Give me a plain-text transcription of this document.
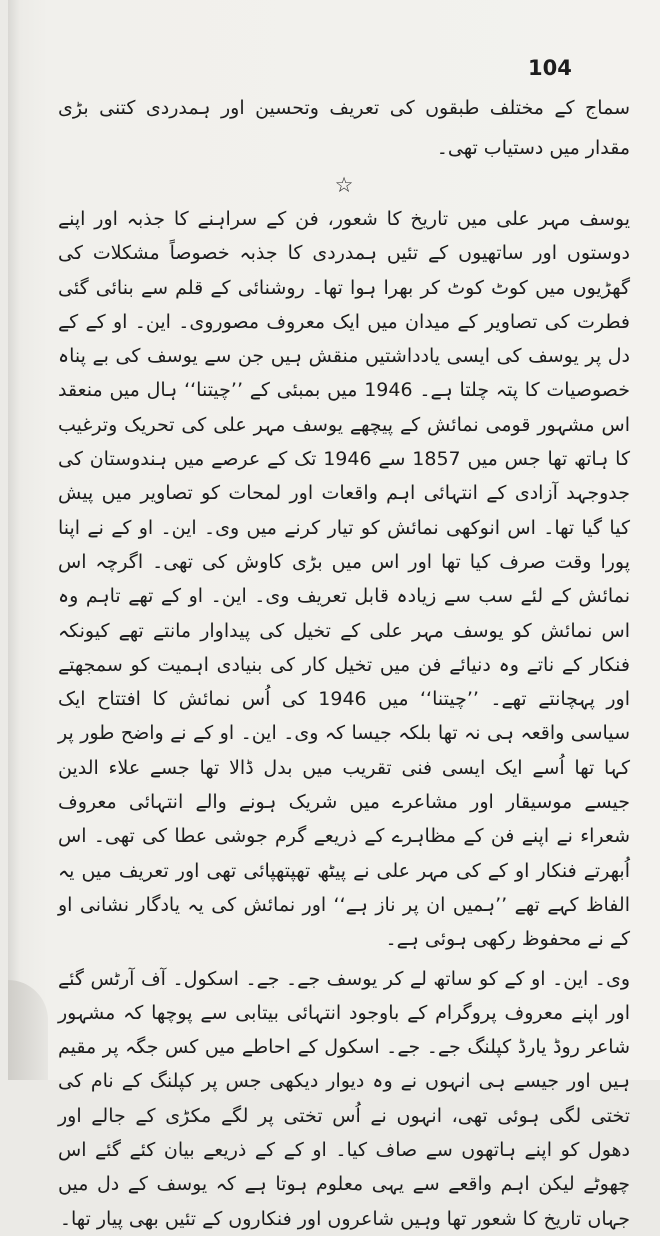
104

سماج کے مختلف طبقوں کی تعریف وتحسین اور ہمدردی کتنی بڑی مقدار میں دستیاب تھی۔

☆

یوسف مہر علی میں تاریخ کا شعور، فن کے سراہنے کا جذبہ اور اپنے دوستوں اور ساتھیوں کے تئیں ہمدردی کا جذبہ خصوصاً مشکلات کی گھڑیوں میں کوٹ کوٹ کر بھرا ہوا تھا۔ روشنائی کے قلم سے بنائی گئی فطرت کی تصاویر کے میدان میں ایک معروف مصوروی۔ این۔ او کے کے دل پر یوسف کی ایسی یادداشتیں منقش ہیں جن سے یوسف کی بے پناہ خصوصیات کا پتہ چلتا ہے۔ 1946 میں بمبئی کے ’’چیتنا‘‘ ہال میں منعقد اس مشہور قومی نمائش کے پیچھے یوسف مہر علی کی تحریک وترغیب کا ہاتھ تھا جس میں 1857 سے 1946 تک کے عرصے میں ہندوستان کی جدوجہد آزادی کے انتہائی اہم واقعات اور لمحات کو تصاویر میں پیش کیا گیا تھا۔ اس انوکھی نمائش کو تیار کرنے میں وی۔ این۔ او کے نے اپنا پورا وقت صرف کیا تھا اور اس میں بڑی کاوش کی تھی۔ اگرچہ اس نمائش کے لئے سب سے زیادہ قابل تعریف وی۔ این۔ او کے تھے تاہم وہ اس نمائش کو یوسف مہر علی کے تخیل کی پیداوار مانتے تھے کیونکہ فنکار کے ناتے وہ دنیائے فن میں تخیل کار کی بنیادی اہمیت کو سمجھتے اور پہچانتے تھے۔ ’’چیتنا‘‘ میں 1946 کی اُس نمائش کا افتتاح ایک سیاسی واقعہ ہی نہ تھا بلکہ جیسا کہ وی۔ این۔ او کے نے واضح طور پر کہا تھا اُسے ایک ایسی فنی تقریب میں بدل ڈالا تھا جسے علاء الدین جیسے موسیقار اور مشاعرے میں شریک ہونے والے انتہائی معروف شعراء نے اپنے فن کے مظاہرے کے ذریعے گرم جوشی عطا کی تھی۔ اس اُبھرتے فنکار او کے کی مہر علی نے پیٹھ تھپتھپائی تھی اور تعریف میں یہ الفاظ کہے تھے ’’ہمیں ان پر ناز ہے‘‘ اور نمائش کی یہ یادگار نشانی او کے نے محفوظ رکھی ہوئی ہے۔

وی۔ این۔ او کے کو ساتھ لے کر یوسف جے۔ جے۔ اسکول۔ آف آرٹس گئے اور اپنے معروف پروگرام کے باوجود انتہائی بیتابی سے پوچھا کہ مشہور شاعر روڈ یارڈ کپلنگ جے۔ جے۔ اسکول کے احاطے میں کس جگہ پر مقیم ہیں اور جیسے ہی انہوں نے وہ دیوار دیکھی جس پر کپلنگ کے نام کی تختی لگی ہوئی تھی، انہوں نے اُس تختی پر لگے مکڑی کے جالے اور دھول کو اپنے ہاتھوں سے صاف کیا۔ او کے کے ذریعے بیان کئے گئے اس چھوٹے لیکن اہم واقعے سے یہی معلوم ہوتا ہے کہ یوسف کے دل میں جہاں تاریخ کا شعور تھا وہیں شاعروں اور فنکاروں کے تئیں بھی پیار تھا۔
